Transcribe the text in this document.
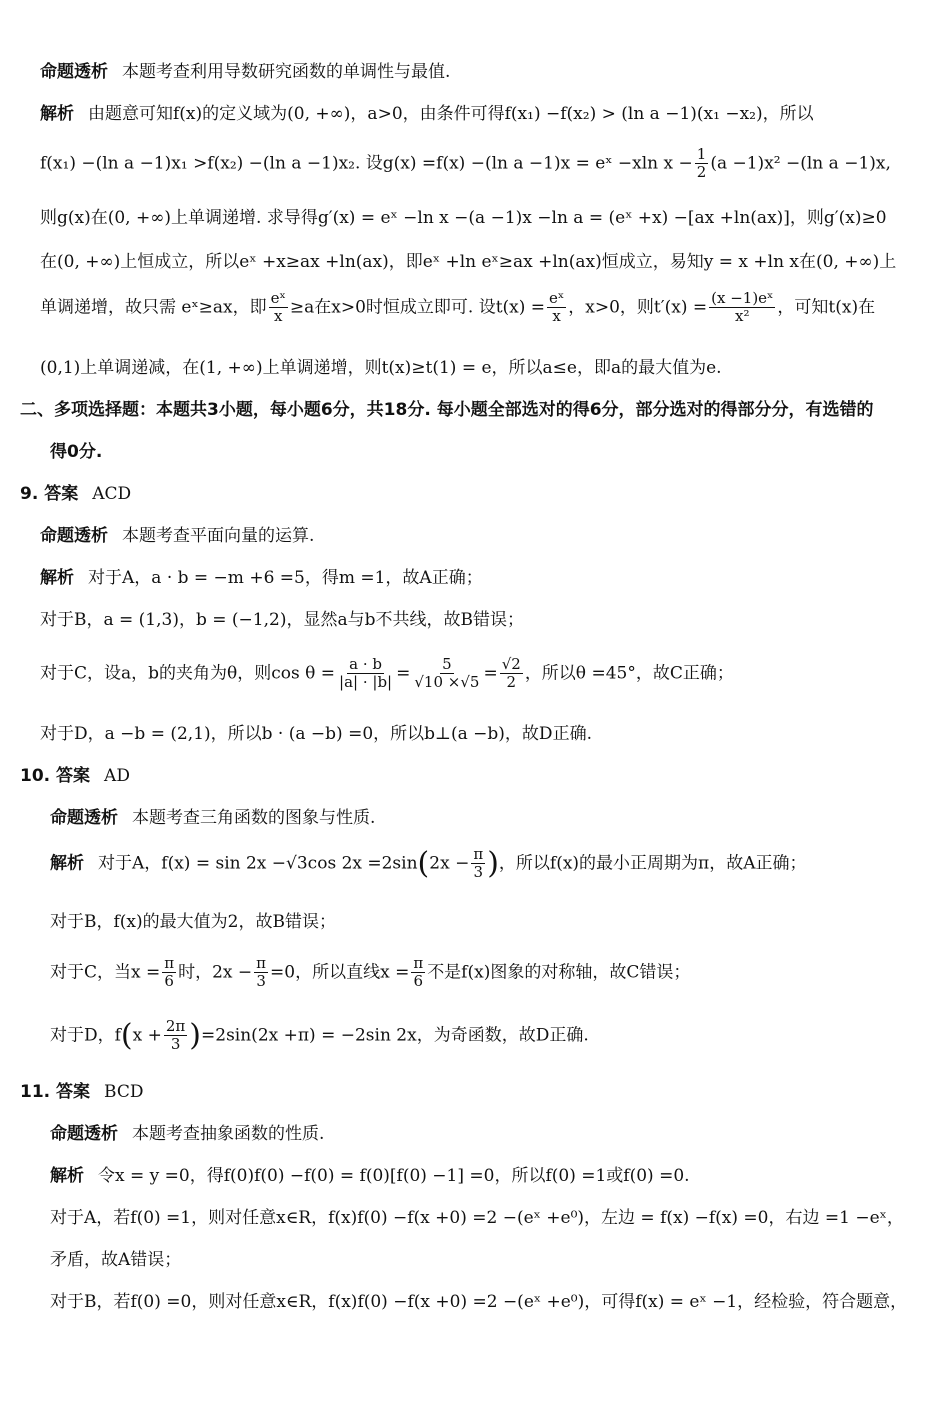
命题透析 本题考查利用导数研究函数的单调性与最值.
解析 由题意可知f(x)的定义域为(0, +∞)，a>0，由条件可得f(x₁) −f(x₂) > (ln a −1)(x₁ −x₂)，所以
f(x₁) −(ln a −1)x₁ >f(x₂) −(ln a −1)x₂. 设g(x) =f(x) −(ln a −1)x = eˣ −xln $x - \frac{1}{2} (a -1)x^2 -(\ln$ a −1)x,
则g(x)在(0, +∞)上单调递增. 求导得g′(x) = eˣ −ln x −(a −1)x −ln a = (eˣ +x) −[ax +ln(ax)]，则g′(x)≥0
在(0, +∞)上恒成立，所以eˣ +x≥ax +ln(ax)，即eˣ +ln eˣ≥ax +ln(ax)恒成立，易知y = x +ln x在(0, +∞)上
单调递增，故只需 eˣ≥ax，即 $\frac{\text{eˣ}}{x} \ge a$在x>0时恒成立即可. 设$t(x) = \frac{\text{eˣ}}{x}$ ，x>0，则$t'(x) = \frac{\text{(x −1)eˣ}}{\text{x²}}$ ，可知t(x)在
(0,1)上单调递减，在(1, +∞)上单调递增，则t(x)≥t(1) = e，所以a≤e，即a的最大值为e.
二、多项选择题：本题共3小题，每小题6分，共18分. 每小题全部选对的得6分，部分选对的得部分分，有选错的
得0分.
9. 答案 ACD
命题透析 本题考查平面向量的运算.
解析 对于A，a · b = −m +6 =5，得m =1，故A正确；
对于B，a = (1,3)，b = (−1,2)，显然a与b不共线，故B错误；
对于C，设a，b的夹角为θ，则$\cos \theta = \frac{a \cdot b}{|a| \cdot |b|} = \frac{5}{√10 \times√5} = \frac{√2}{2}$ ，所以θ =45°，故C正确；
对于D，a −b = (2,1)，所以b · (a −b) =0，所以b⊥(a −b)，故D正确.
10. 答案 AD
命题透析 本题考查三角函数的图象与性质.
解析 对于A，f(x) = sin 2x −√3cos $2x =2\sin(2x - \frac{\pi}{3}$ )，所以f(x)的最小正周期为π，故A正确；
对于B，f(x)的最大值为2，故B错误；
对于C，当$x = \frac{\pi}{6}$ 时，$2x - \frac{\pi}{3} =0$，所以直线$x = \frac{\pi}{6}$ 不是f(x)图象的对称轴，故C错误；
对于D，$f(x + \frac{2\pi}{3} )=2\sin(2x +\pi) = -2\sin$ 2x，为奇函数，故D正确.
11. 答案 BCD
命题透析 本题考查抽象函数的性质.
解析 令x = y =0，得f(0)f(0) −f(0) = f(0)[f(0) −1] =0，所以f(0) =1或f(0) =0.
对于A，若f(0) =1，则对任意x∈R，f(x)f(0) −f(x +0) =2 −(eˣ +e⁰)，左边 = f(x) −f(x) =0，右边 =1 −eˣ，
矛盾，故A错误；
对于B，若f(0) =0，则对任意x∈R，f(x)f(0) −f(x +0) =2 −(eˣ +e⁰)，可得f(x) = eˣ −1，经检验，符合题意，
